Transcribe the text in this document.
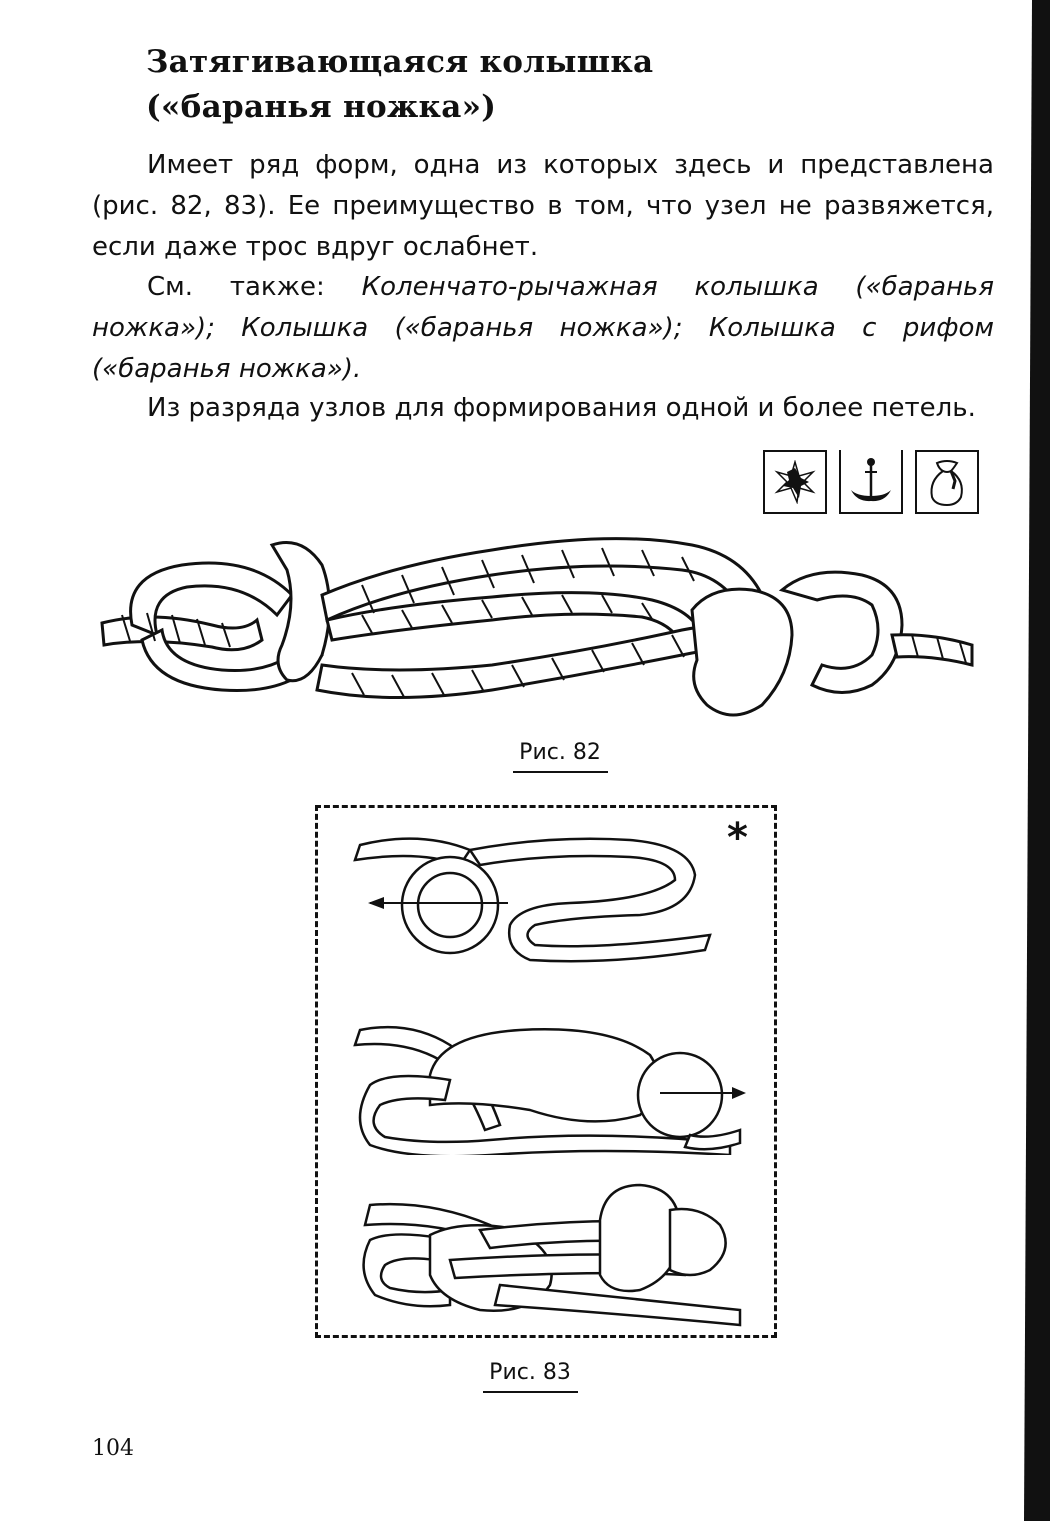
Затягивающаяся колышка
(«баранья ножка»)
Имеет ряд форм, одна из которых здесь и представлена (рис. 82, 83). Ее преимущество в том, что узел не развяжется, если даже трос вдруг ослабнет.
См. также: Коленчато-рычажная колышка («баранья ножка»); Колышка («баранья ножка»); Колышка с рифом («баранья ножка»).
Из разряда узлов для формирования одной и более петель.
Рис. 82
*
Рис. 83
104
